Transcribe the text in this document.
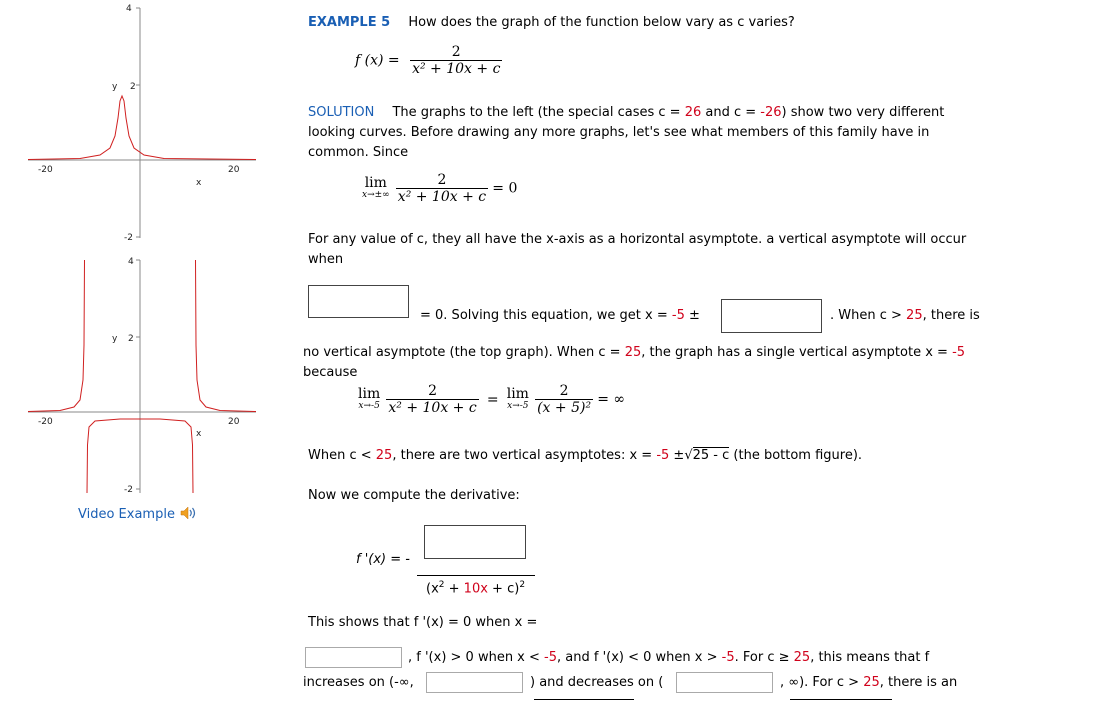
4
2
y
-2
-20	20
x
4
2
y
-2
-20	20
x
Video Example
EXAMPLE 5 How does the graph of the function below vary as c varies?
f $(x) = \frac{2}{\text{x² + 10x + c}}$
SOLUTION The graphs to the left (the special cases c = 26 and c = -26) show two very different
looking curves. Before drawing any more graphs, let's see what members of this family have in
common. Since
lim
x→±∞
$\frac{2}{\text{x² + 10x + c}} = 0$
For any value of c, they all have the x-axis as a horizontal asymptote. a vertical asymptote will occur
when
= 0. Solving this equation, we get x = -5 ±	. When c > 25, there is
no vertical asymptote (the top graph). When c = 25, the graph has a single vertical asymptote x = -5
because
lim
x→-5
$\frac{2}{\text{x² + 10x + c}} = \lim$
x→-5
$\frac{2}{\text{(x + 5)²}}$ = ∞
When c < 25, there are two vertical asymptotes: x = -5 ±√25 - c (the bottom figure).
Now we compute the derivative:
f '(x) = -
$(x^2 + 10x + c)^2$
This shows that f '(x) = 0 when x =
, f '(x) > 0 when x < -5, and f '(x) < 0 when x > -5. For c ≥ 25, this means that f
increases on (-∞,	) and decreases on (	, ∞). For c > 25, there is an
